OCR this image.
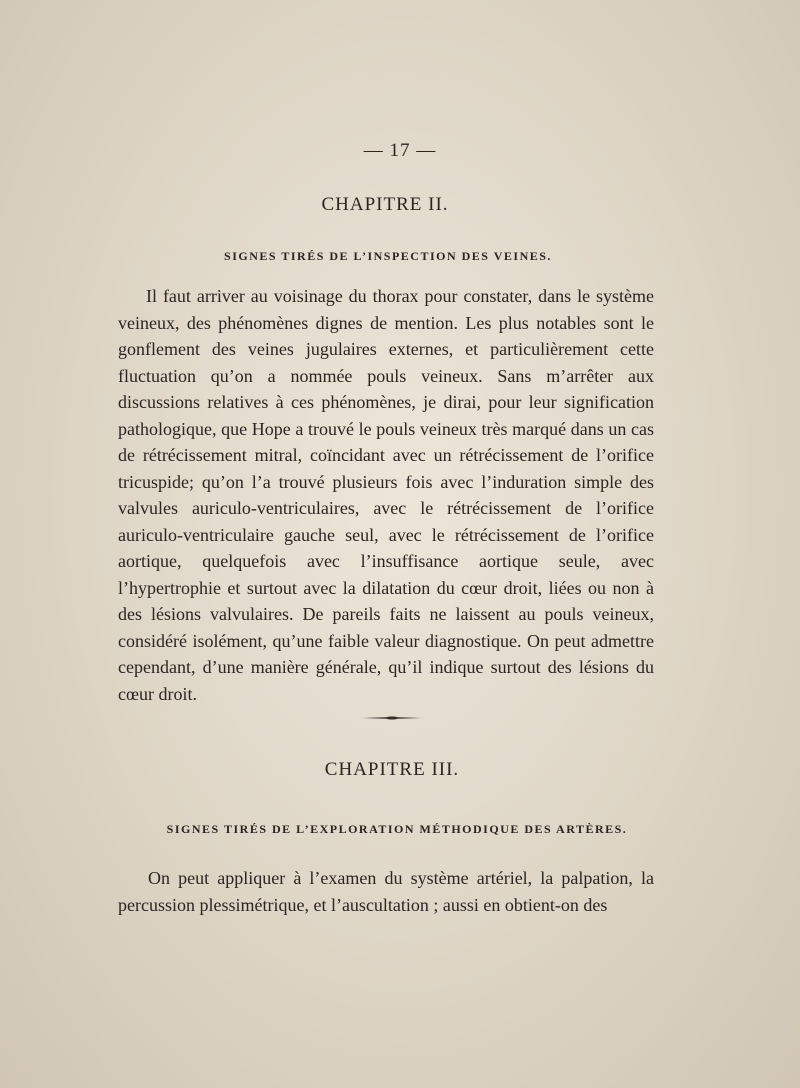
— 17 —
CHAPITRE II.
SIGNES TIRÉS DE L’INSPECTION DES VEINES.

Il faut arriver au voisinage du thorax pour constater, dans le système veineux, des phénomènes dignes de mention. Les plus notables sont le gonflement des veines jugulaires externes, et particulièrement cette fluctuation qu’on a nommée pouls veineux. Sans m’arrêter aux discussions relatives à ces phénomènes, je dirai, pour leur signification pathologique, que Hope a trouvé le pouls veineux très marqué dans un cas de rétrécissement mitral, coïncidant avec un rétrécissement de l’orifice tricuspide; qu’on l’a trouvé plusieurs fois avec l’induration simple des valvules auriculo-ventriculaires, avec le rétrécissement de l’orifice auriculo-ventriculaire gauche seul, avec le rétrécissement de l’orifice aortique, quelquefois avec l’insuffisance aortique seule, avec l’hypertrophie et surtout avec la dilatation du cœur droit, liées ou non à des lésions valvulaires. De pareils faits ne laissent au pouls veineux, considéré isolément, qu’une faible valeur diagnostique. On peut admettre cependant, d’une manière générale, qu’il indique surtout des lésions du cœur droit.

CHAPITRE III.
SIGNES TIRÉS DE L’EXPLORATION MÉTHODIQUE DES ARTÈRES.

On peut appliquer à l’examen du système artériel, la palpation, la percussion plessimétrique, et l’auscultation ; aussi en obtient-on des
